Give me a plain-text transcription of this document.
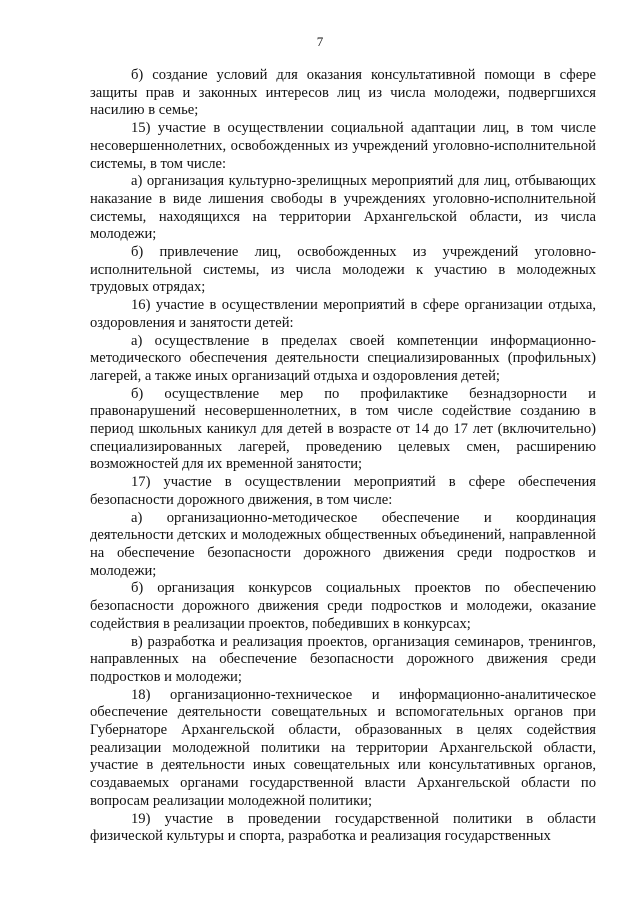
7

б) создание условий для оказания консультативной помощи в сфере защиты прав и законных интересов лиц из числа молодежи, подвергшихся насилию в семье;

15) участие в осуществлении социальной адаптации лиц, в том числе несовершеннолетних, освобожденных из учреждений уголовно-исполнительной системы, в том числе:

а) организация культурно-зрелищных мероприятий для лиц, отбывающих наказание в виде лишения свободы в учреждениях уголовно-исполнительной системы, находящихся на территории Архангельской области, из числа молодежи;

б) привлечение лиц, освобожденных из учреждений уголовно-исполнительной системы, из числа молодежи к участию в молодежных трудовых отрядах;

16) участие в осуществлении мероприятий в сфере организации отдыха, оздоровления и занятости детей:

а) осуществление в пределах своей компетенции информационно-методического обеспечения деятельности специализированных (профильных) лагерей, а также иных организаций отдыха и оздоровления детей;

б) осуществление мер по профилактике безнадзорности и правонарушений несовершеннолетних, в том числе содействие созданию в период школьных каникул для детей в возрасте от 14 до 17 лет (включительно) специализированных лагерей, проведению целевых смен, расширению возможностей для их временной занятости;

17) участие в осуществлении мероприятий в сфере обеспечения безопасности дорожного движения, в том числе:

а) организационно-методическое обеспечение и координация деятельности детских и молодежных общественных объединений, направленной на обеспечение безопасности дорожного движения среди подростков и молодежи;

б) организация конкурсов социальных проектов по обеспечению безопасности дорожного движения среди подростков и молодежи, оказание содействия в реализации проектов, победивших в конкурсах;

в) разработка и реализация проектов, организация семинаров, тренингов, направленных на обеспечение безопасности дорожного движения среди подростков и молодежи;

18) организационно-техническое и информационно-аналитическое обеспечение деятельности совещательных и вспомогательных органов при Губернаторе Архангельской области, образованных в целях содействия реализации молодежной политики на территории Архангельской области, участие в деятельности иных совещательных или консультативных органов, создаваемых органами государственной власти Архангельской области по вопросам реализации молодежной политики;

19) участие в проведении государственной политики в области физической культуры и спорта, разработка и реализация государственных
